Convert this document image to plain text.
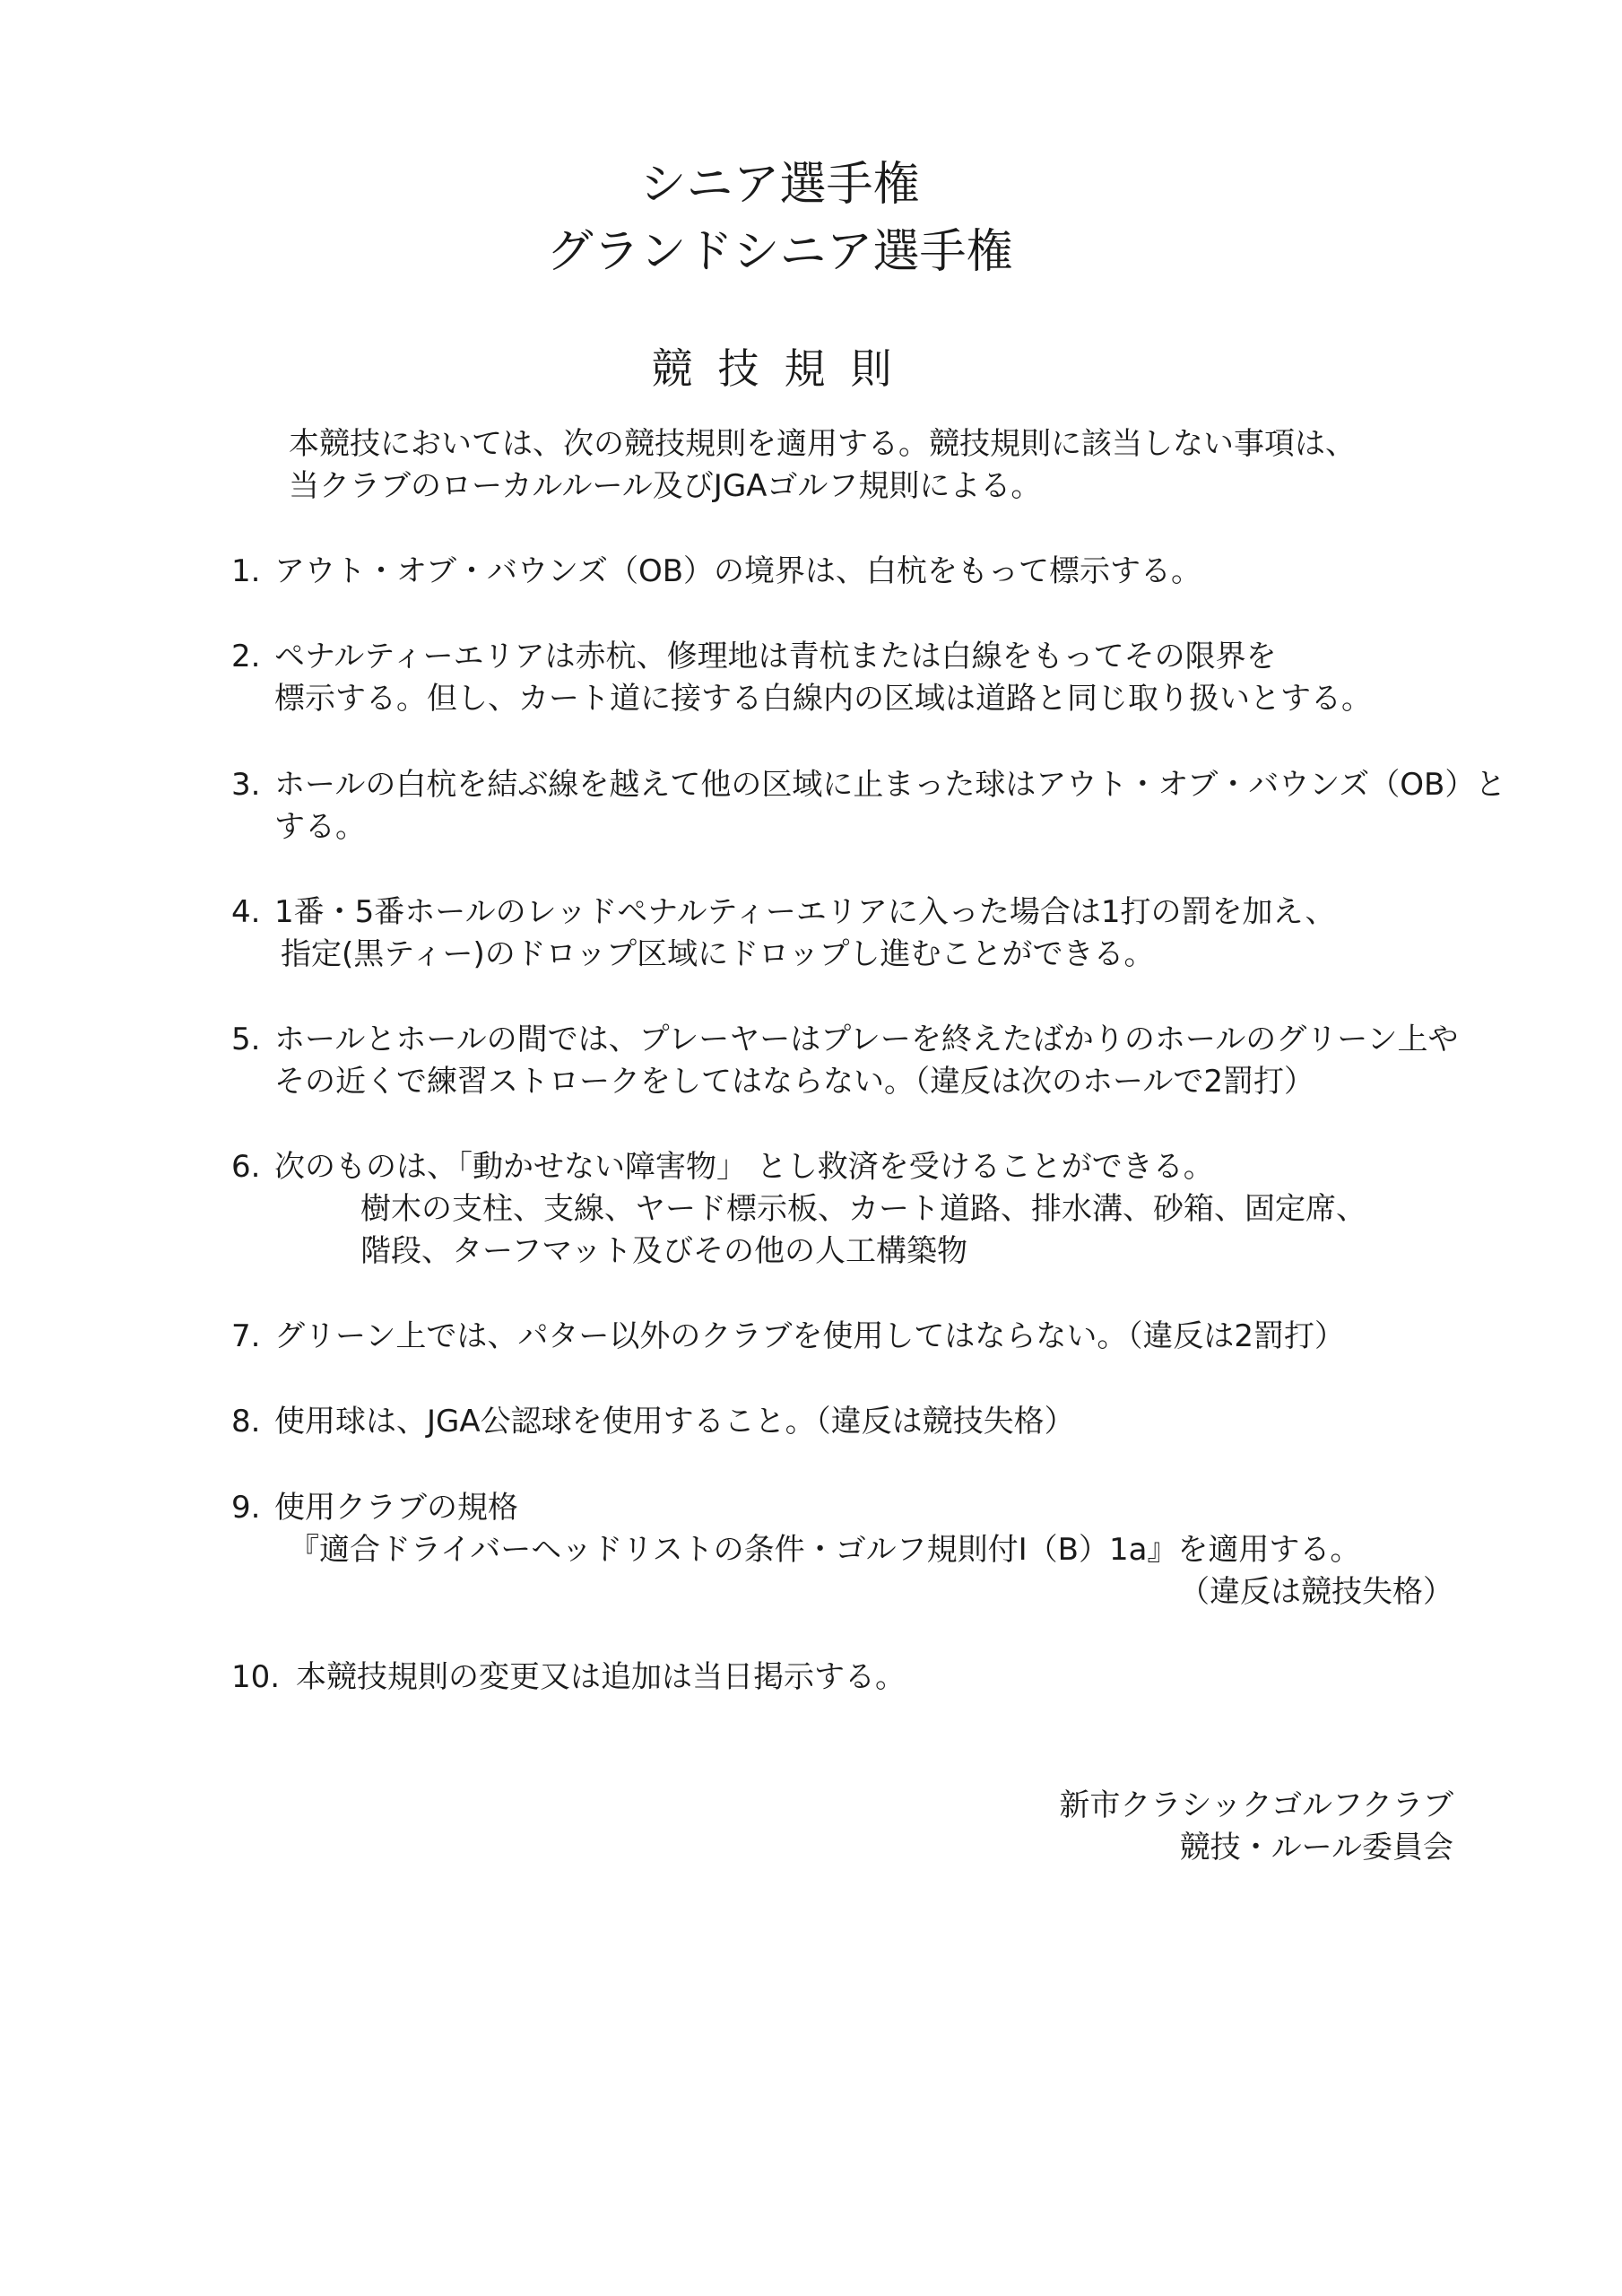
シニア選手権
グランドシニア選手権
競技規則
本競技においては、次の競技規則を適用する。競技規則に該当しない事項は、
当クラブのローカルルール及びJGAゴルフ規則による。
1. アウト・オブ・バウンズ（OB）の境界は、白杭をもって標示する。
2. ペナルティーエリアは赤杭、修理地は青杭または白線をもってその限界を
標示する。但し、カート道に接する白線内の区域は道路と同じ取り扱いとする。
3. ホールの白杭を結ぶ線を越えて他の区域に止まった球はアウト・オブ・バウンズ（OB）と
する。
4. 1番・5番ホールのレッドペナルティーエリアに入った場合は1打の罰を加え、
指定(黒ティー)のドロップ区域にドロップし進むことができる。
5. ホールとホールの間では、プレーヤーはプレーを終えたばかりのホールのグリーン上や
その近くで練習ストロークをしてはならない。（違反は次のホールで2罰打）
6. 次のものは、「動かせない障害物」 とし救済を受けることができる。
樹木の支柱、支線、ヤード標示板、カート道路、排水溝、砂箱、固定席、
階段、ターフマット及びその他の人工構築物
7. グリーン上では、パター以外のクラブを使用してはならない。（違反は2罰打）
8. 使用球は、JGA公認球を使用すること。（違反は競技失格）
9. 使用クラブの規格
『適合ドライバーヘッドリストの条件・ゴルフ規則付Ⅰ（B）1a』を適用する。
（違反は競技失格）
10. 本競技規則の変更又は追加は当日掲示する。
新市クラシックゴルフクラブ
競技・ルール委員会
